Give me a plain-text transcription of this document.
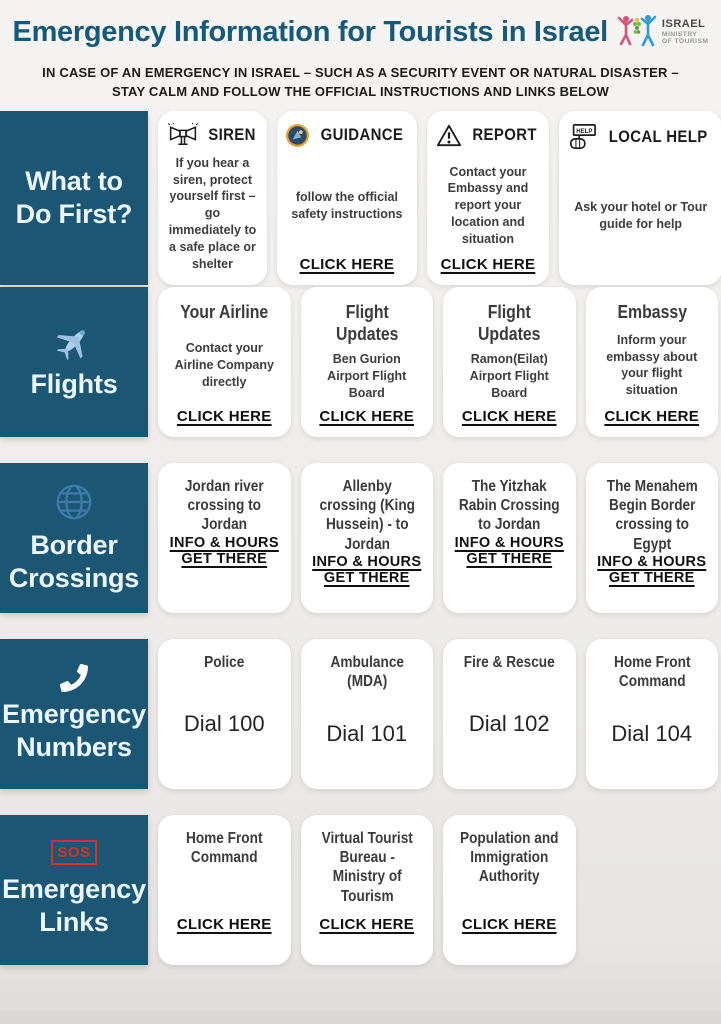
Emergency Information for Tourists in Israel	ISRAEL
MINISTRY
OF TOURISM
IN CASE OF AN EMERGENCY IN ISRAEL – SUCH AS A SECURITY EVENT OR NATURAL DISASTER –
STAY CALM AND FOLLOW THE OFFICIAL INSTRUCTIONS AND LINKS BELOW
What to Do First?
SIREN
If you hear a siren, protect yourself first – go immediately to a safe place or shelter
GUIDANCE
follow the official safety instructions
CLICK HERE
REPORT
Contact your Embassy and report your location and situation
CLICK HERE
HELP LOCAL HELP
Ask your hotel or Tour guide for help
Flights
Your Airline
Contact your Airline Company directly
CLICK HERE
Flight Updates
Ben Gurion Airport Flight Board
CLICK HERE
Flight Updates
Ramon(Eilat) Airport Flight Board
CLICK HERE
Embassy
Inform your embassy about your flight situation
CLICK HERE
Border Crossings
Jordan river crossing to Jordan
INFO & HOURS
GET THERE
Allenby crossing (King Hussein) - to Jordan
INFO & HOURS
GET THERE
The Yitzhak Rabin Crossing to Jordan
INFO & HOURS
GET THERE
The Menahem Begin Border crossing to Egypt
INFO & HOURS
GET THERE
Emergency Numbers
Police
Dial 100
Ambulance (MDA)
Dial 101
Fire & Rescue
Dial 102
Home Front Command
Dial 104
SOS
Emergency Links
Home Front Command
CLICK HERE
Virtual Tourist Bureau - Ministry of Tourism
CLICK HERE
Population and Immigration Authority
CLICK HERE
